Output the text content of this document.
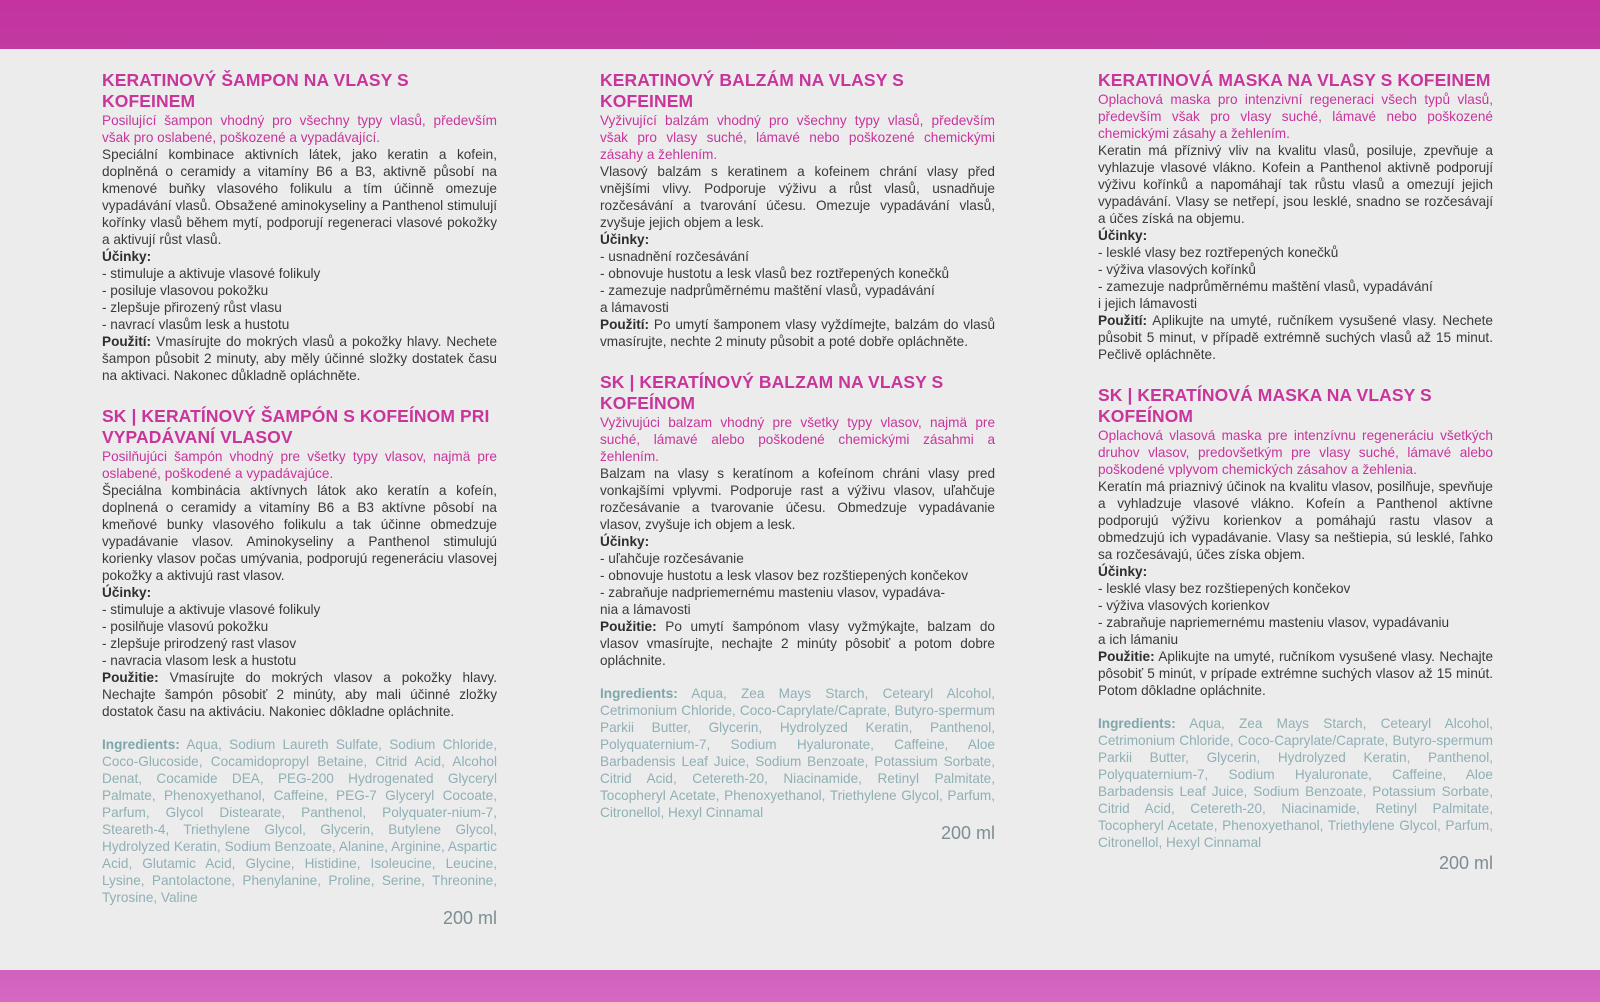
KERATINOVÝ ŠAMPON NA VLASY S KOFEINEM

Posilující šampon vhodný pro všechny typy vlasů, především však pro oslabené, poškozené a vypadávající.

Speciální kombinace aktivních látek, jako keratin a kofein, doplněná o ceramidy a vitamíny B6 a B3, aktivně působí na kmenové buňky vlasového folikulu a tím účinně omezuje vypadávání vlasů. Obsažené aminokyseliny a Panthenol stimulují kořínky vlasů během mytí, podporují regeneraci vlasové pokožky a aktivují růst vlasů.

Účinky:
- stimuluje a aktivuje vlasové folikuly
- posiluje vlasovou pokožku
- zlepšuje přirozený růst vlasu
- navrací vlasům lesk a hustotu

Použití: Vmasírujte do mokrých vlasů a pokožky hlavy. Nechete šampon působit 2 minuty, aby měly účinné složky dostatek času na aktivaci. Nakonec důkladně opláchněte.

SK | KERATÍNOVÝ ŠAMPÓN S KOFEÍNOM PRI VYPADÁVANÍ VLASOV

Posilňujúci šampón vhodný pre všetky typy vlasov, najmä pre oslabené, poškodené a vypadávajúce.

Špeciálna kombinácia aktívnych látok ako keratín a kofeín, doplnená o ceramidy a vitamíny B6 a B3 aktívne pôsobí na kmeňové bunky vlasového folikulu a tak účinne obmedzuje vypadávanie vlasov. Aminokyseliny a Panthenol stimulujú korienky vlasov počas umývania, podporujú regeneráciu vlasovej pokožky a aktivujú rast vlasov.

Účinky:
- stimuluje a aktivuje vlasové folikuly
- posilňuje vlasovú pokožku
- zlepšuje prirodzený rast vlasov
- navracia vlasom lesk a hustotu

Použitie: Vmasírujte do mokrých vlasov a pokožky hlavy. Nechajte šampón pôsobiť 2 minúty, aby mali účinné zložky dostatok času na aktiváciu. Nakoniec dôkladne opláchnite.

Ingredients: Aqua, Sodium Laureth Sulfate, Sodium Chloride, Coco-Glucoside, Cocamidopropyl Betaine, Citrid Acid, Alcohol Denat, Cocamide DEA, PEG-200 Hydrogenated Glyceryl Palmate, Phenoxyethanol, Caffeine, PEG-7 Glyceryl Cocoate, Parfum, Glycol Distearate, Panthenol, Polyquater-nium-7, Steareth-4, Triethylene Glycol, Glycerin, Butylene Glycol, Hydrolyzed Keratin, Sodium Benzoate, Alanine, Arginine, Aspartic Acid, Glutamic Acid, Glycine, Histidine, Isoleucine, Leucine, Lysine, Pantolactone, Phenylanine, Proline, Serine, Threonine, Tyrosine, Valine

200 ml
KERATINOVÝ BALZÁM NA VLASY S KOFEINEM

Vyživující balzám vhodný pro všechny typy vlasů, především však pro vlasy suché, lámavé nebo poškozené chemickými zásahy a žehlením.

Vlasový balzám s keratinem a kofeinem chrání vlasy před vnějšími vlivy. Podporuje výživu a růst vlasů, usnadňuje rozčesávání a tvarování účesu. Omezuje vypadávání vlasů, zvyšuje jejich objem a lesk.

Účinky:
- usnadnění rozčesávání
- obnovuje hustotu a lesk vlasů bez roztřepených konečků
- zamezuje nadprůměrnému maštění vlasů, vypadávání
a lámavosti

Použití: Po umytí šamponem vlasy vyždímejte, balzám do vlasů vmasírujte, nechte 2 minuty působit a poté dobře opláchněte.

SK | KERATÍNOVÝ BALZAM NA VLASY S KOFEÍNOM

Vyživujúci balzam vhodný pre všetky typy vlasov, najmä pre suché, lámavé alebo poškodené chemickými zásahmi a žehlením.

Balzam na vlasy s keratínom a kofeínom chráni vlasy pred vonkajšími vplyvmi. Podporuje rast a výživu vlasov, uľahčuje rozčesávanie a tvarovanie účesu. Obmedzuje vypadávanie vlasov, zvyšuje ich objem a lesk.

Účinky:
- uľahčuje rozčesávanie
- obnovuje hustotu a lesk vlasov bez rozštiepených končekov
- zabraňuje nadpriemernému masteniu vlasov, vypadáva-
nia a lámavosti

Použitie: Po umytí šampónom vlasy vyžmýkajte, balzam do vlasov vmasírujte, nechajte 2 minúty pôsobiť a potom dobre opláchnite.

Ingredients: Aqua, Zea Mays Starch, Cetearyl Alcohol, Cetrimonium Chloride, Coco-Caprylate/Caprate, Butyro-spermum Parkii Butter, Glycerin, Hydrolyzed Keratin, Panthenol, Polyquaternium-7, Sodium Hyaluronate, Caffeine, Aloe Barbadensis Leaf Juice, Sodium Benzoate, Potassium Sorbate, Citrid Acid, Cetereth-20, Niacinamide, Retinyl Palmitate, Tocopheryl Acetate, Phenoxyethanol, Triethylene Glycol, Parfum, Citronellol, Hexyl Cinnamal

200 ml
KERATINOVÁ MASKA NA VLASY S KOFEINEM

Oplachová maska pro intenzivní regeneraci všech typů vlasů, především však pro vlasy suché, lámavé nebo poškozené chemickými zásahy a žehlením.

Keratin má příznivý vliv na kvalitu vlasů, posiluje, zpevňuje a vyhlazuje vlasové vlákno. Kofein a Panthenol aktivně podporují výživu kořínků a napomáhají tak růstu vlasů a omezují jejich vypadávání. Vlasy se netřepí, jsou lesklé, snadno se rozčesávají a účes získá na objemu.

Účinky:
- lesklé vlasy bez roztřepených konečků
- výživa vlasových kořínků
- zamezuje nadprůměrnému maštění vlasů, vypadávání
i jejich lámavosti

Použití: Aplikujte na umyté, ručníkem vysušené vlasy. Nechete působit 5 minut, v případě extrémně suchých vlasů až 15 minut. Pečlivě opláchněte.

SK | KERATÍNOVÁ MASKA NA VLASY S KOFEÍNOM

Oplachová vlasová maska pre intenzívnu regeneráciu všetkých druhov vlasov, predovšetkým pre vlasy suché, lámavé alebo poškodené vplyvom chemických zásahov a žehlenia.

Keratín má priaznivý účinok na kvalitu vlasov, posilňuje, spevňuje a vyhladzuje vlasové vlákno. Kofeín a Panthenol aktívne podporujú výživu korienkov a pomáhajú rastu vlasov a obmedzujú ich vypadávanie. Vlasy sa neštiepia, sú lesklé, ľahko sa rozčesávajú, účes získa objem.

Účinky:
- lesklé vlasy bez rozštiepených končekov
- výživa vlasových korienkov
- zabraňuje napriemernému masteniu vlasov, vypadávaniu
a ich lámaniu

Použitie: Aplikujte na umyté, ručníkom vysušené vlasy. Nechajte pôsobiť 5 minút, v prípade extrémne suchých vlasov až 15 minút. Potom dôkladne opláchnite.

Ingredients: Aqua, Zea Mays Starch, Cetearyl Alcohol, Cetrimonium Chloride, Coco-Caprylate/Caprate, Butyro-spermum Parkii Butter, Glycerin, Hydrolyzed Keratin, Panthenol, Polyquaternium-7, Sodium Hyaluronate, Caffeine, Aloe Barbadensis Leaf Juice, Sodium Benzoate, Potassium Sorbate, Citrid Acid, Cetereth-20, Niacinamide, Retinyl Palmitate, Tocopheryl Acetate, Phenoxyethanol, Triethylene Glycol, Parfum, Citronellol, Hexyl Cinnamal

200 ml
